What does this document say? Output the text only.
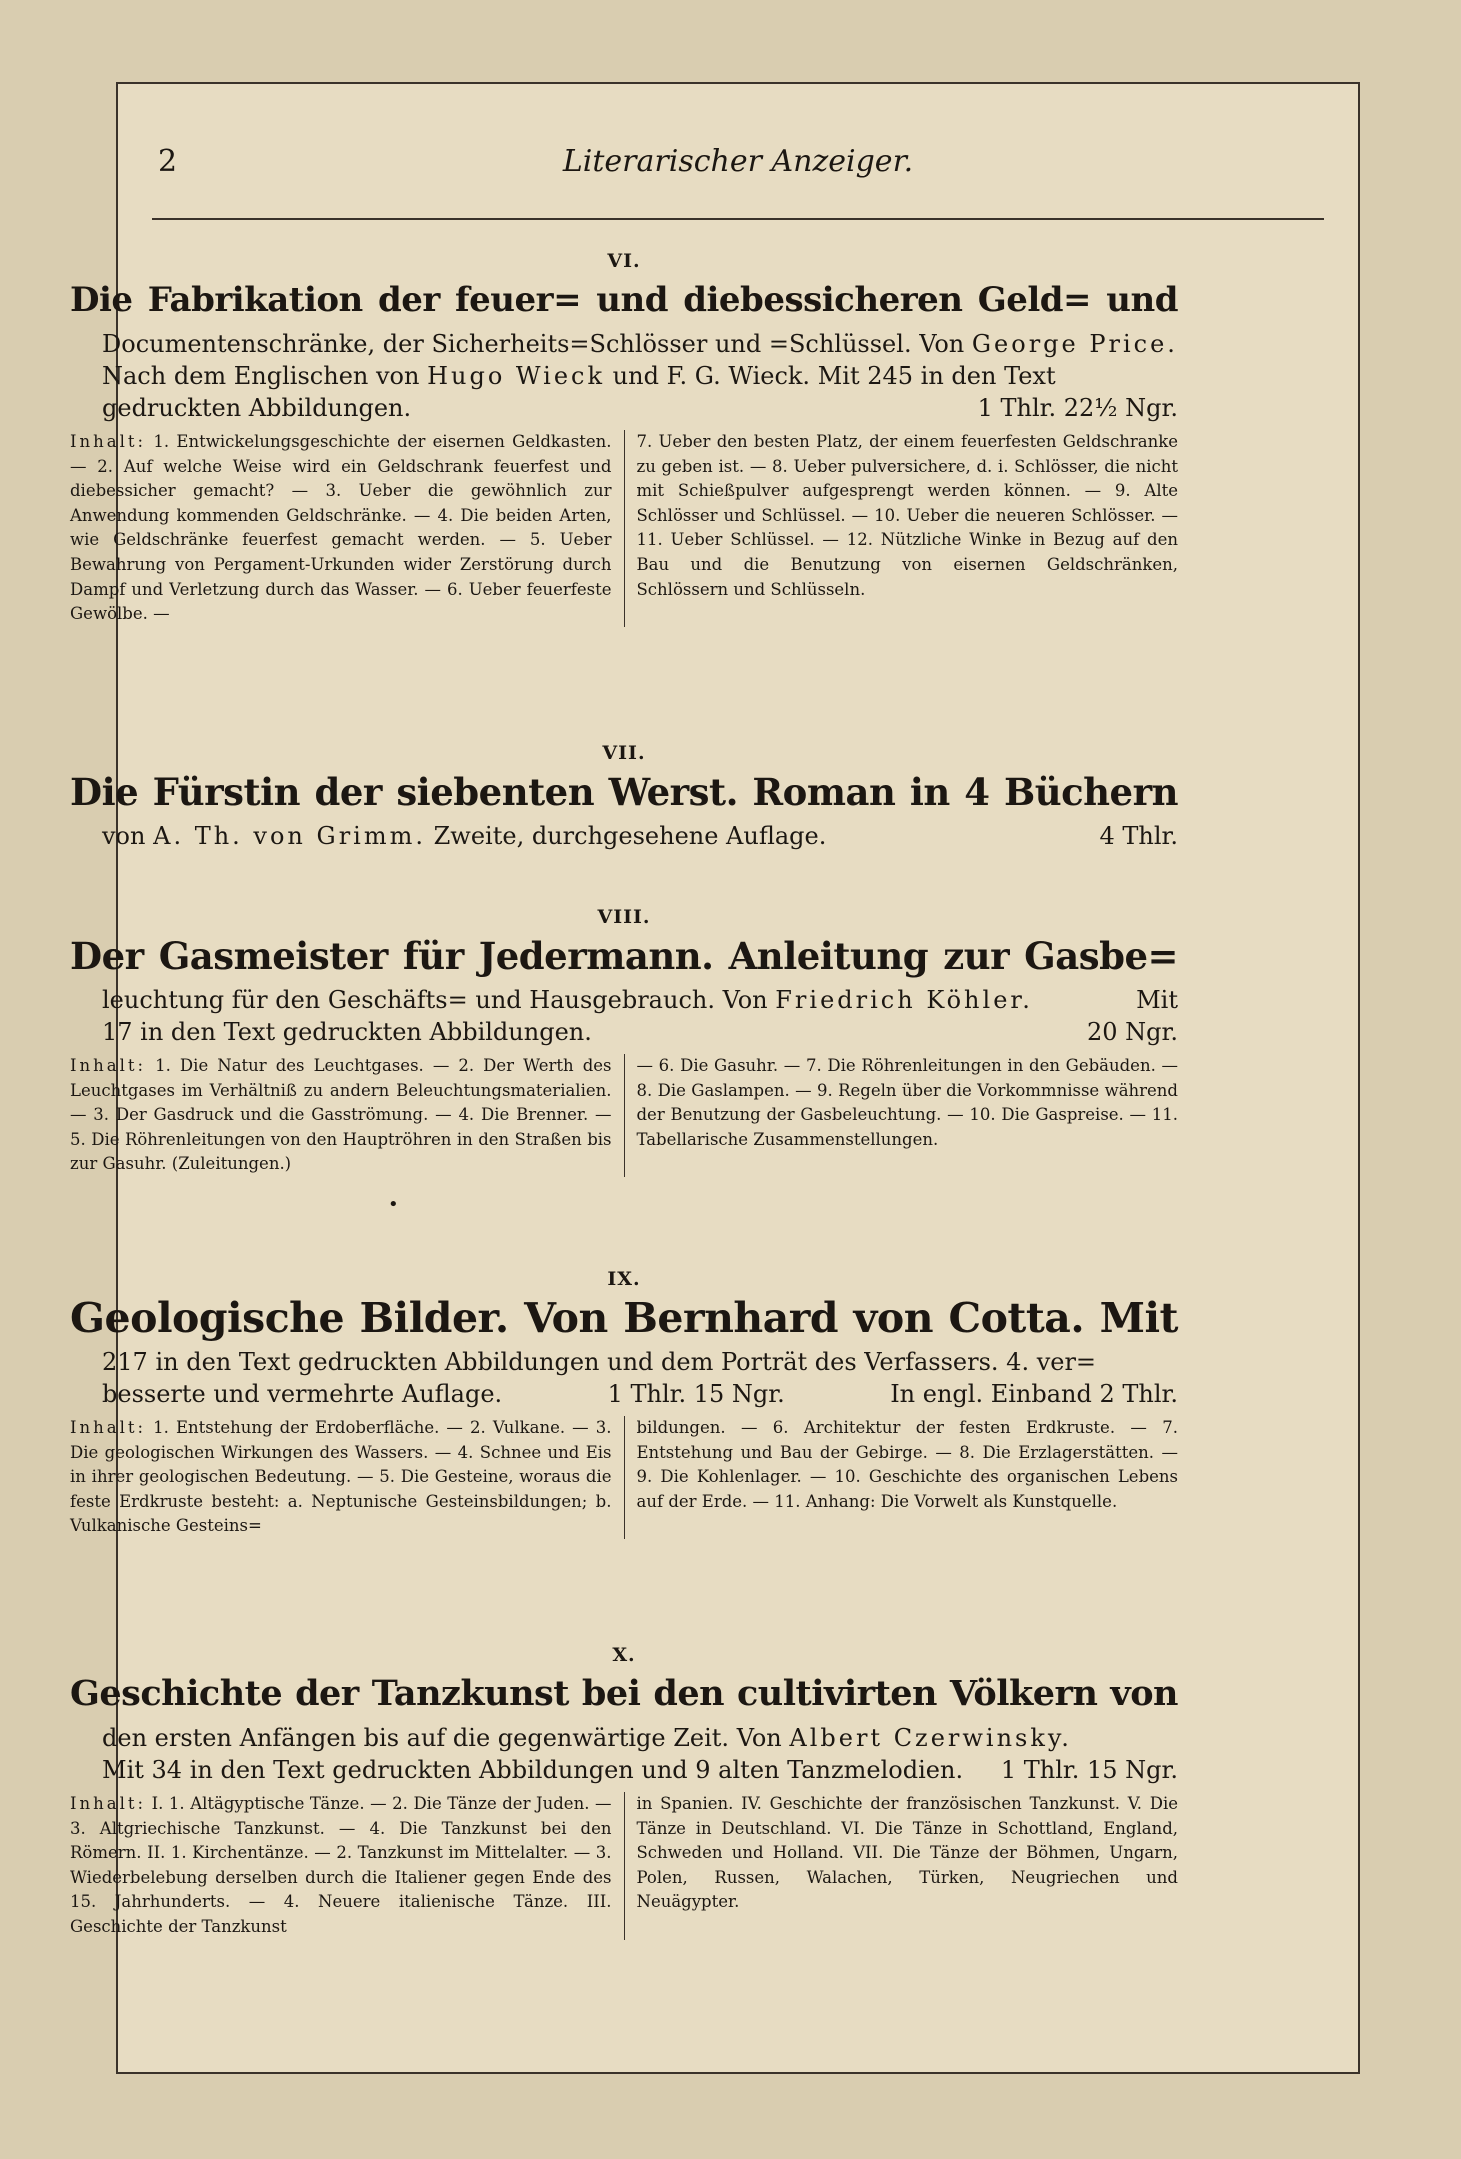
2	Literarischer Anzeiger.
VI.
Die Fabrikation der feuer= und diebessicheren Geld= und
Documentenschränke, der Sicherheits=Schlösser und =Schlüssel. Von George Price.
Nach dem Englischen von Hugo Wieck und F. G. Wieck. Mit 245 in den Text
gedruckten Abbildungen.	1 Thlr. 22½ Ngr.
Inhalt: 1. Entwickelungsgeschichte der eisernen Geldkasten. — 2. Auf welche Weise wird ein Geldschrank feuerfest und diebessicher gemacht? — 3. Ueber die gewöhnlich zur Anwendung kommenden Geldschränke. — 4. Die beiden Arten, wie Geldschränke feuerfest gemacht werden. — 5. Ueber Bewahrung von Pergament-Urkunden wider Zerstörung durch Dampf und Verletzung durch das Wasser. — 6. Ueber feuerfeste Gewölbe. —
7. Ueber den besten Platz, der einem feuerfesten Geldschranke zu geben ist. — 8. Ueber pulversichere, d. i. Schlösser, die nicht mit Schießpulver aufgesprengt werden können. — 9. Alte Schlösser und Schlüssel. — 10. Ueber die neueren Schlösser. — 11. Ueber Schlüssel. — 12. Nützliche Winke in Bezug auf den Bau und die Benutzung von eisernen Geldschränken, Schlössern und Schlüsseln.
VII.
Die Fürstin der siebenten Werst. Roman in 4 Büchern
von A. Th. von Grimm. Zweite, durchgesehene Auflage.	4 Thlr.
VIII.
Der Gasmeister für Jedermann. Anleitung zur Gasbe=
leuchtung für den Geschäfts= und Hausgebrauch. Von Friedrich Köhler.	Mit
17 in den Text gedruckten Abbildungen.	20 Ngr.
Inhalt: 1. Die Natur des Leuchtgases. — 2. Der Werth des Leuchtgases im Verhältniß zu andern Beleuchtungsmaterialien. — 3. Der Gasdruck und die Gasströmung. — 4. Die Brenner. — 5. Die Röhrenleitungen von den Hauptröhren in den Straßen bis zur Gasuhr. (Zuleitungen.)
— 6. Die Gasuhr. — 7. Die Röhrenleitungen in den Gebäuden. — 8. Die Gaslampen. — 9. Regeln über die Vorkommnisse während der Benutzung der Gasbeleuchtung. — 10. Die Gaspreise. — 11. Tabellarische Zusammenstellungen.
•
IX.
Geologische Bilder. Von Bernhard von Cotta. Mit
217 in den Text gedruckten Abbildungen und dem Porträt des Verfassers. 4. ver=
besserte und vermehrte Auflage.	1 Thlr. 15 Ngr.	In engl. Einband 2 Thlr.
Inhalt: 1. Entstehung der Erdoberfläche. — 2. Vulkane. — 3. Die geologischen Wirkungen des Wassers. — 4. Schnee und Eis in ihrer geologischen Bedeutung. — 5. Die Gesteine, woraus die feste Erdkruste besteht: a. Neptunische Gesteinsbildungen; b. Vulkanische Gesteins=
bildungen. — 6. Architektur der festen Erdkruste. — 7. Entstehung und Bau der Gebirge. — 8. Die Erzlagerstätten. — 9. Die Kohlenlager. — 10. Geschichte des organischen Lebens auf der Erde. — 11. Anhang: Die Vorwelt als Kunstquelle.
X.
Geschichte der Tanzkunst bei den cultivirten Völkern von
den ersten Anfängen bis auf die gegenwärtige Zeit. Von Albert Czerwinsky.
Mit 34 in den Text gedruckten Abbildungen und 9 alten Tanzmelodien. 1 Thlr. 15 Ngr.
Inhalt: I. 1. Altägyptische Tänze. — 2. Die Tänze der Juden. — 3. Altgriechische Tanzkunst. — 4. Die Tanzkunst bei den Römern. II. 1. Kirchentänze. — 2. Tanzkunst im Mittelalter. — 3. Wiederbelebung derselben durch die Italiener gegen Ende des 15. Jahrhunderts. — 4. Neuere italienische Tänze. III. Geschichte der Tanzkunst
in Spanien. IV. Geschichte der französischen Tanzkunst. V. Die Tänze in Deutschland. VI. Die Tänze in Schottland, England, Schweden und Holland. VII. Die Tänze der Böhmen, Ungarn, Polen, Russen, Walachen, Türken, Neugriechen und Neuägypter.
